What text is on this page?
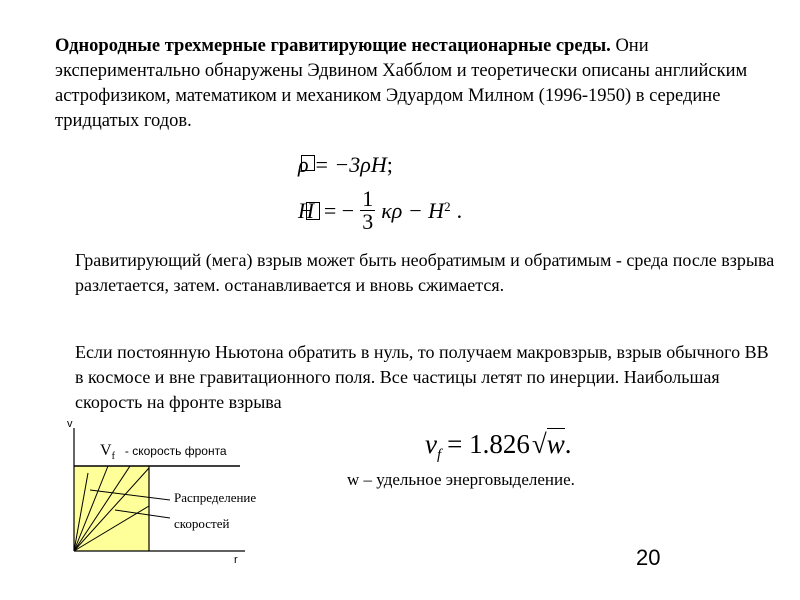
Однородные трехмерные гравитирующие нестационарные среды. Они экспериментально обнаружены Эдвином Хабблом и теоретически описаны английским астрофизиком, математиком и механиком Эдуардом Милном (1996-1950) в середине тридцатых годов.
ρ = −3ρH;
H = − $\frac{1}{3}$ $\kappa\rho - H^2$ .
Гравитирующий (мега) взрыв может быть необратимым и обратимым - среда после взрыва разлетается, затем. останавливается и вновь сжимается.
Если постоянную Ньютона обратить в нуль, то получаем макровзрыв, взрыв обычного ВВ в космосе и вне гравитационного поля. Все частицы летят по инерции. Наибольшая скорость на фронте взрыва
$v_f = 1.826$ √ w .
w – удельное энерговыделение.
20
v
r
$V_f$ - скорость фронта
Распределение
скоростей
